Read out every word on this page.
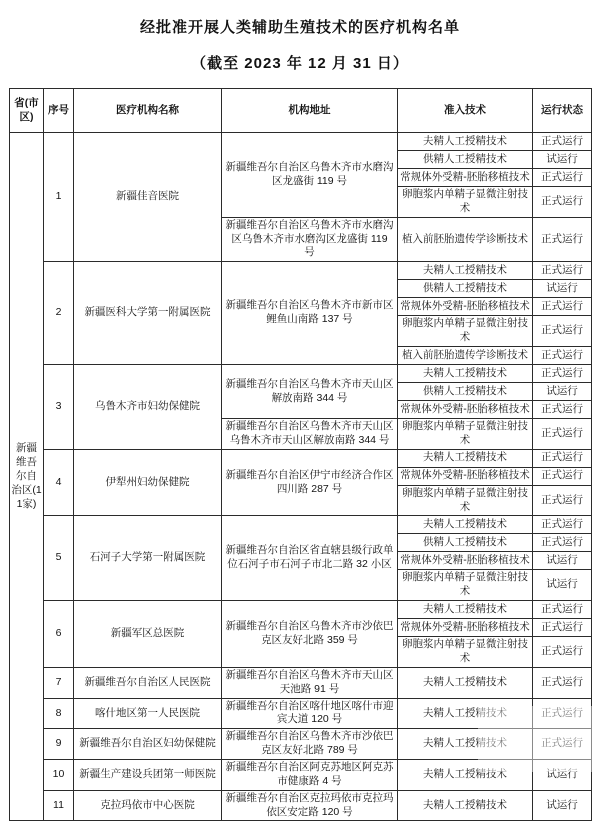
经批准开展人类辅助生殖技术的医疗机构名单
（截至 2023 年 12 月 31 日）
省(市区)	序号	医疗机构名称	机构地址	准入技术	运行状态
新疆维吾尔自治区(11家)	1	新疆佳音医院	新疆维吾尔自治区乌鲁木齐市水磨沟区龙盛街 119 号	夫精人工授精技术	正式运行
				供精人工授精技术	试运行
				常规体外受精-胚胎移植技术	正式运行
				卵胞浆内单精子显微注射技术	正式运行
			新疆维吾尔自治区乌鲁木齐市水磨沟区乌鲁木齐市水磨沟区龙盛街 119 号	植入前胚胎遗传学诊断技术	正式运行
	2	新疆医科大学第一附属医院	新疆维吾尔自治区乌鲁木齐市新市区鲤鱼山南路 137 号	夫精人工授精技术	正式运行
				供精人工授精技术	试运行
				常规体外受精-胚胎移植技术	正式运行
				卵胞浆内单精子显微注射技术	正式运行
				植入前胚胎遗传学诊断技术	正式运行
	3	乌鲁木齐市妇幼保健院	新疆维吾尔自治区乌鲁木齐市天山区解放南路 344 号	夫精人工授精技术	正式运行
				供精人工授精技术	试运行
				常规体外受精-胚胎移植技术	正式运行
			新疆维吾尔自治区乌鲁木齐市天山区乌鲁木齐市天山区解放南路 344 号	卵胞浆内单精子显微注射技术	正式运行
	4	伊犁州妇幼保健院	新疆维吾尔自治区伊宁市经济合作区四川路 287 号	夫精人工授精技术	正式运行
				常规体外受精-胚胎移植技术	正式运行
				卵胞浆内单精子显微注射技术	正式运行
	5	石河子大学第一附属医院	新疆维吾尔自治区省直辖县级行政单位石河子市石河子市北二路 32 小区	夫精人工授精技术	正式运行
				供精人工授精技术	正式运行
				常规体外受精-胚胎移植技术	试运行
				卵胞浆内单精子显微注射技术	试运行
	6	新疆军区总医院	新疆维吾尔自治区乌鲁木齐市沙依巴克区友好北路 359 号	夫精人工授精技术	正式运行
				常规体外受精-胚胎移植技术	正式运行
				卵胞浆内单精子显微注射技术	正式运行
	7	新疆维吾尔自治区人民医院	新疆维吾尔自治区乌鲁木齐市天山区天池路 91 号	夫精人工授精技术	正式运行
	8	喀什地区第一人民医院	新疆维吾尔自治区喀什地区喀什市迎宾大道 120 号	夫精人工授精技术	正式运行
	9	新疆维吾尔自治区妇幼保健院	新疆维吾尔自治区乌鲁木齐市沙依巴克区友好北路 789 号	夫精人工授精技术	正式运行
	10	新疆生产建设兵团第一师医院	新疆维吾尔自治区阿克苏地区阿克苏市健康路 4 号	夫精人工授精技术	试运行
	11	克拉玛依市中心医院	新疆维吾尔自治区克拉玛依市克拉玛依区安定路 120 号	夫精人工授精技术	试运行
